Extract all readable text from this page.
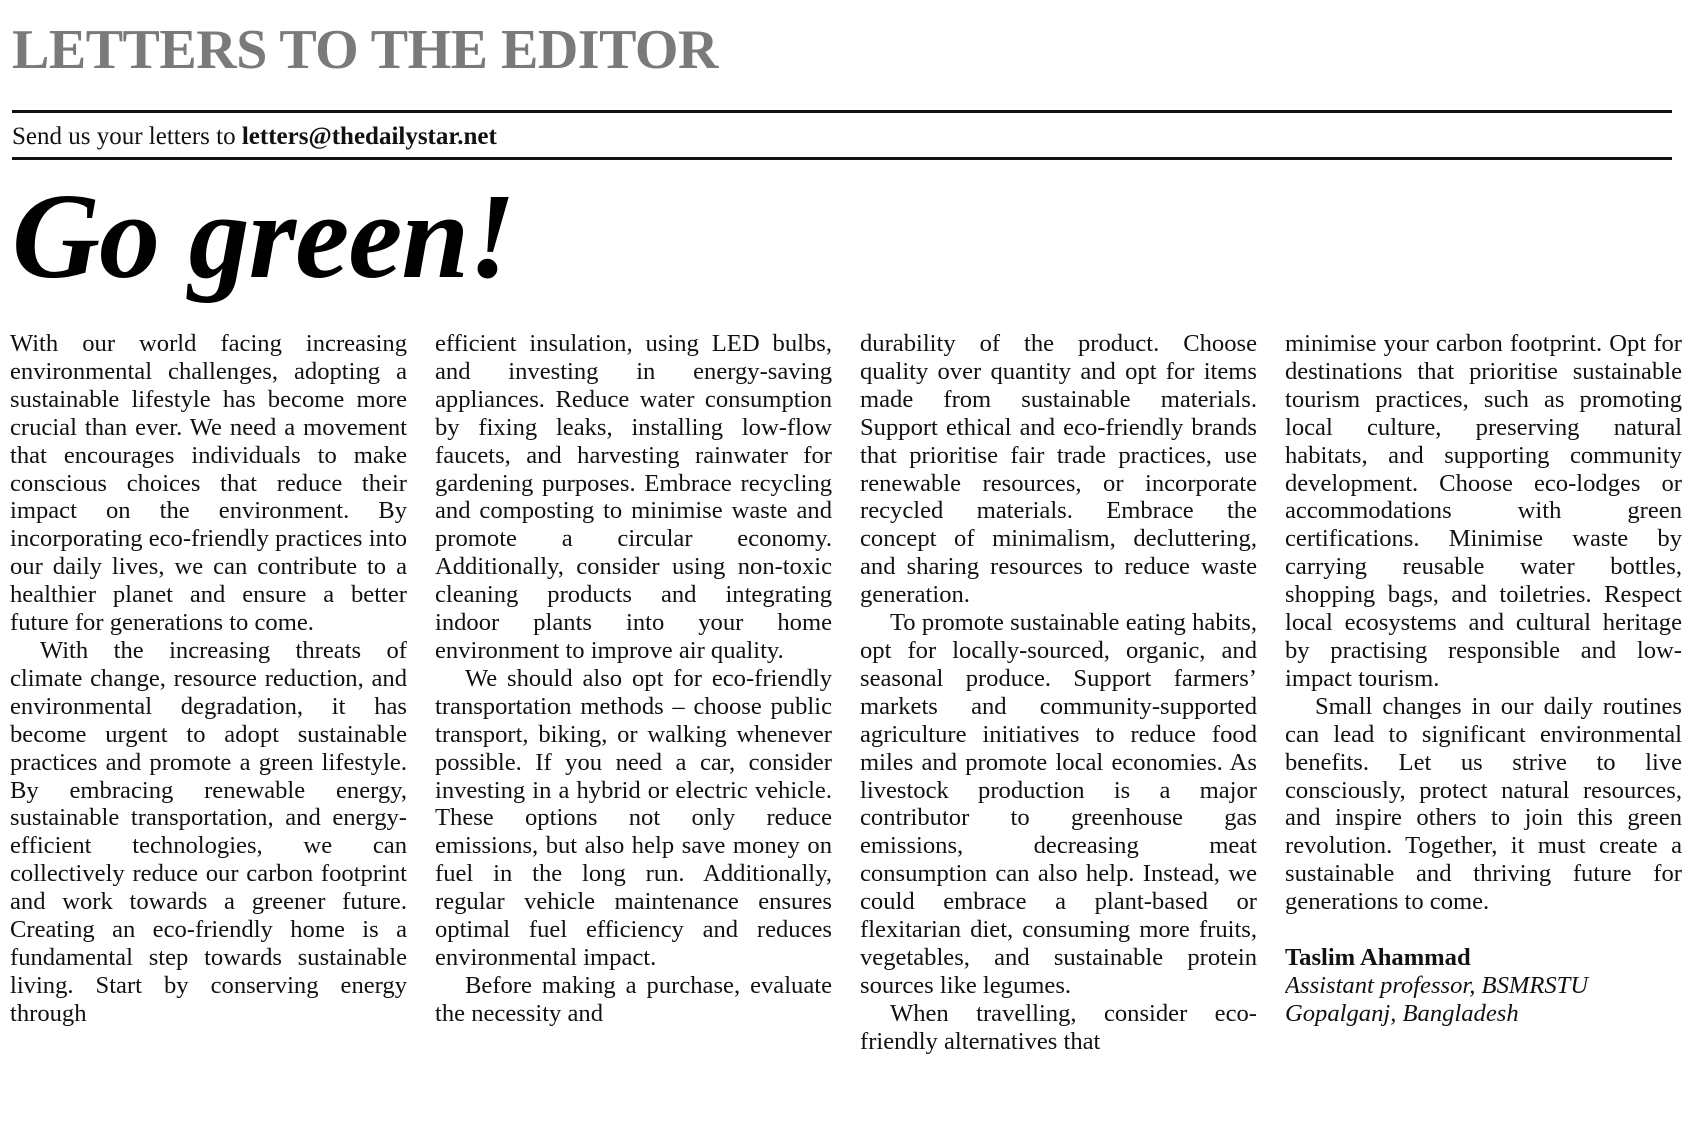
LETTERS TO THE EDITOR
Send us your letters to letters@thedailystar.net
Go green!

With our world facing increasing environmental challenges, adopting a sustainable lifestyle has become more crucial than ever. We need a movement that encourages individuals to make conscious choices that reduce their impact on the environment. By incorporating eco-friendly practices into our daily lives, we can contribute to a healthier planet and ensure a better future for generations to come.

With the increasing threats of climate change, resource reduction, and environmental degradation, it has become urgent to adopt sustainable practices and promote a green lifestyle. By embracing renewable energy, sustainable transportation, and energy-efficient technologies, we can collectively reduce our carbon footprint and work towards a greener future. Creating an eco-friendly home is a fundamental step towards sustainable living. Start by conserving energy through

efficient insulation, using LED bulbs, and investing in energy-saving appliances. Reduce water consumption by fixing leaks, installing low-flow faucets, and harvesting rainwater for gardening purposes. Embrace recycling and composting to minimise waste and promote a circular economy. Additionally, consider using non-toxic cleaning products and integrating indoor plants into your home environment to improve air quality.

We should also opt for eco-friendly transportation methods – choose public transport, biking, or walking whenever possible. If you need a car, consider investing in a hybrid or electric vehicle. These options not only reduce emissions, but also help save money on fuel in the long run. Additionally, regular vehicle maintenance ensures optimal fuel efficiency and reduces environmental impact.

Before making a purchase, evaluate the necessity and

durability of the product. Choose quality over quantity and opt for items made from sustainable materials. Support ethical and eco-friendly brands that prioritise fair trade practices, use renewable resources, or incorporate recycled materials. Embrace the concept of minimalism, decluttering, and sharing resources to reduce waste generation.

To promote sustainable eating habits, opt for locally-sourced, organic, and seasonal produce. Support farmers’ markets and community-supported agriculture initiatives to reduce food miles and promote local economies. As livestock production is a major contributor to greenhouse gas emissions, decreasing meat consumption can also help. Instead, we could embrace a plant-based or flexitarian diet, consuming more fruits, vegetables, and sustainable protein sources like legumes.

When travelling, consider eco-friendly alternatives that

minimise your carbon footprint. Opt for destinations that prioritise sustainable tourism practices, such as promoting local culture, preserving natural habitats, and supporting community development. Choose eco-lodges or accommodations with green certifications. Minimise waste by carrying reusable water bottles, shopping bags, and toiletries. Respect local ecosystems and cultural heritage by practising responsible and low-impact tourism.

Small changes in our daily routines can lead to significant environmental benefits. Let us strive to live consciously, protect natural resources, and inspire others to join this green revolution. Together, it must create a sustainable and thriving future for generations to come.

Taslim Ahammad
Assistant professor, BSMRSTU
Gopalganj, Bangladesh
